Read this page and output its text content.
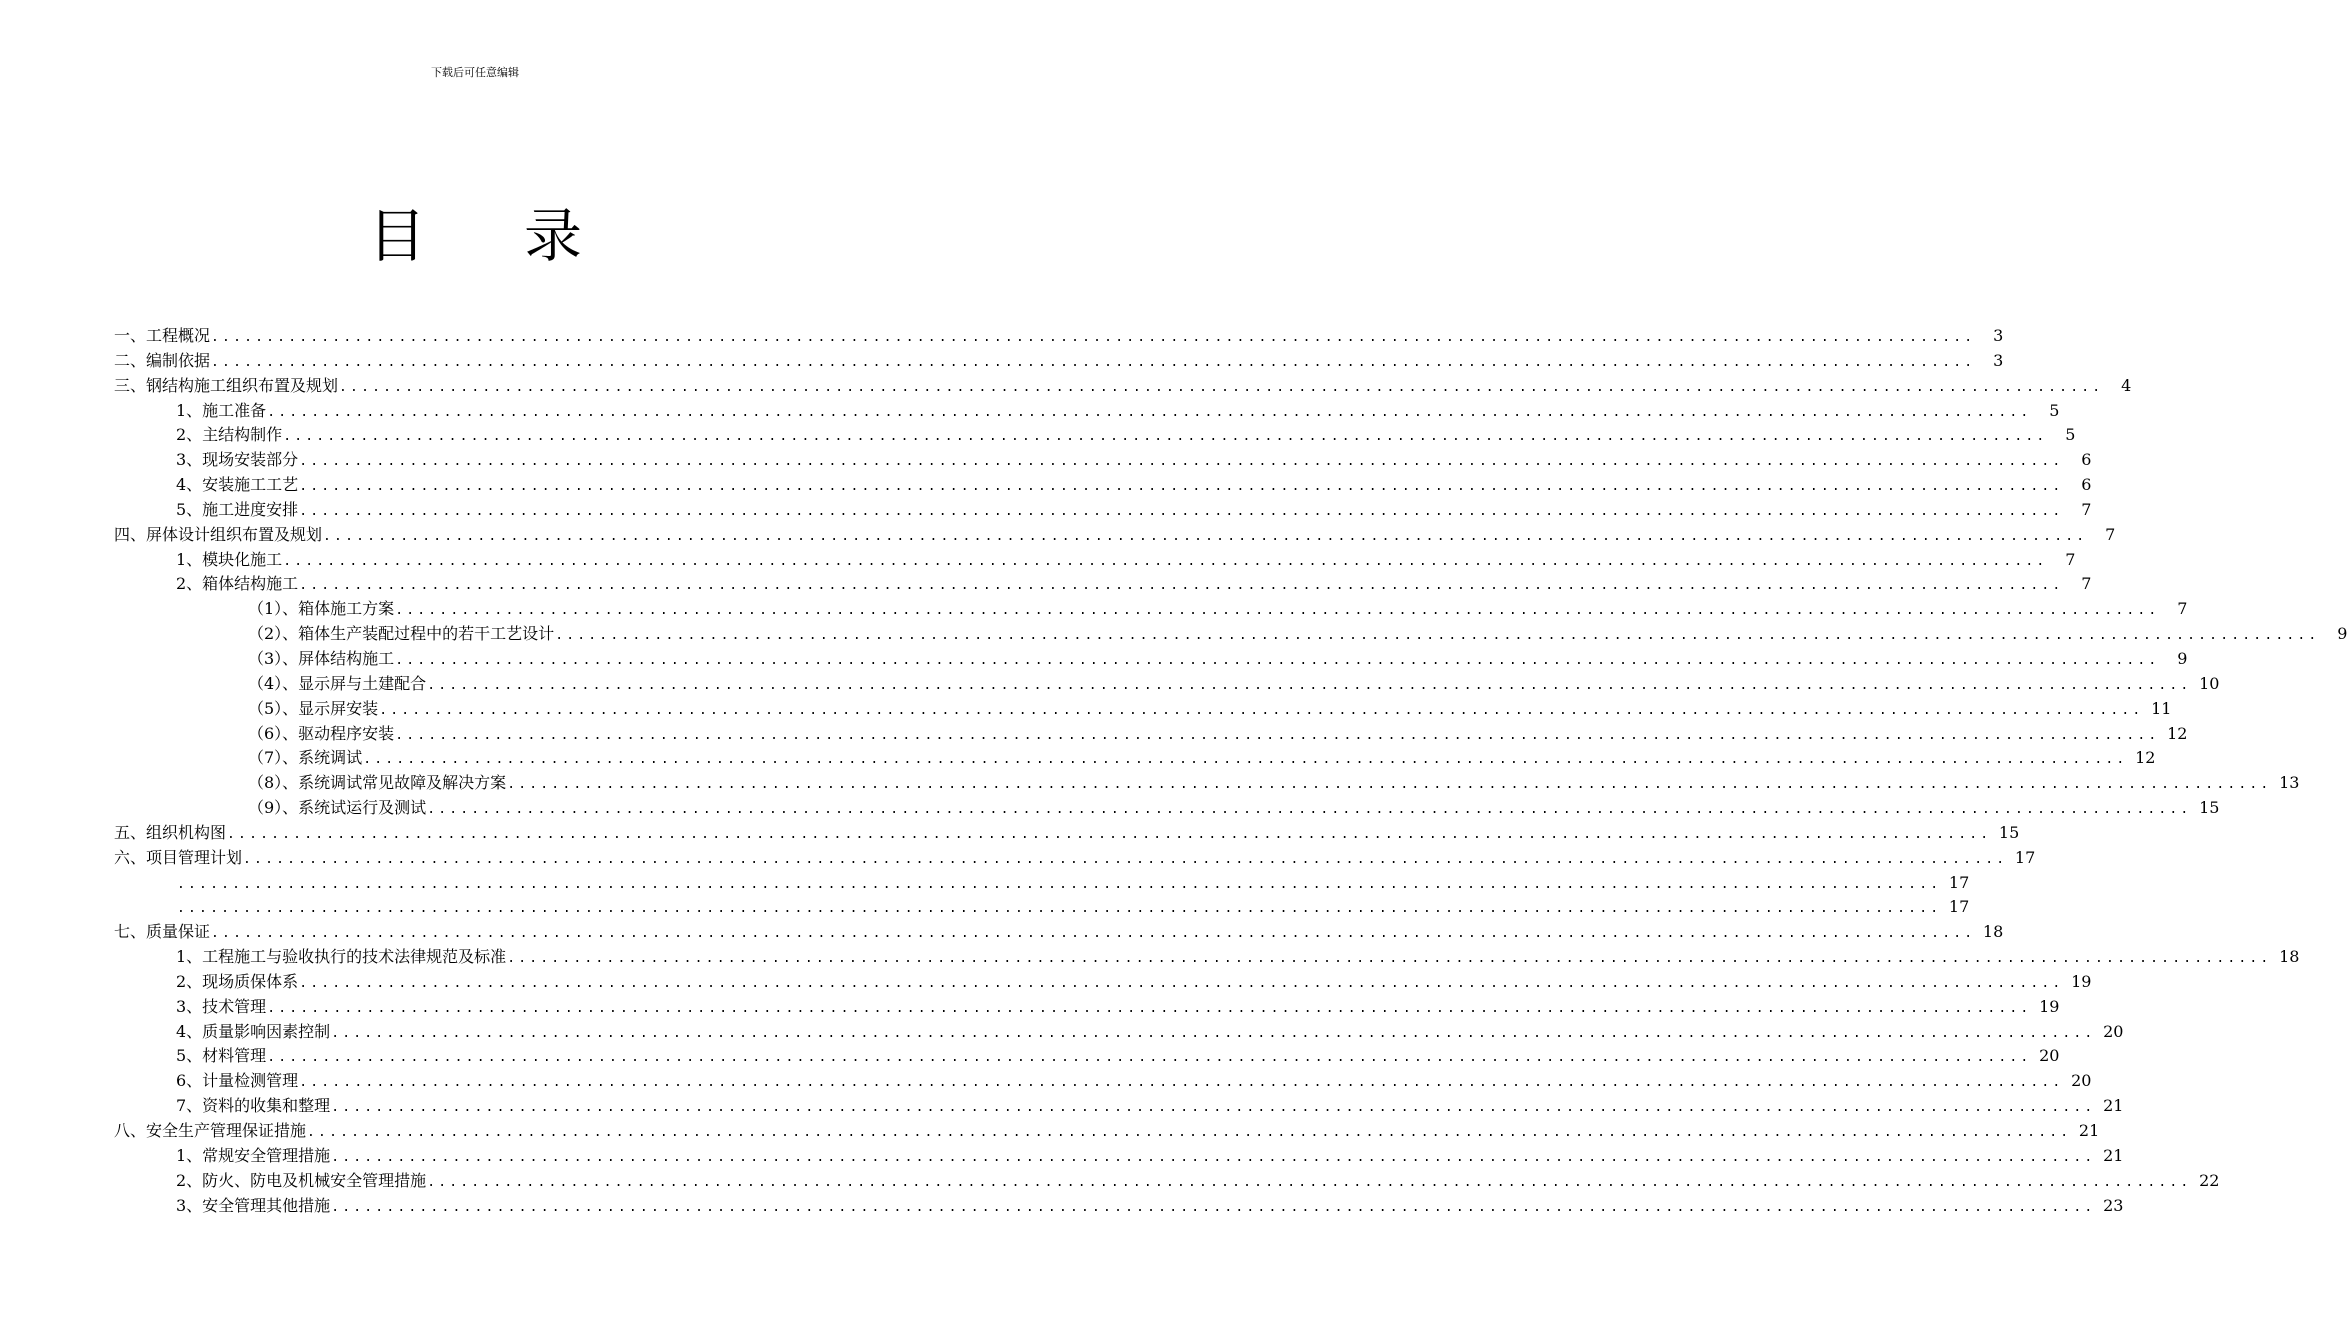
下载后可任意编辑
目 录
一、工程概况 ................................................................................................................................................................	3
二、编制依据 ................................................................................................................................................................	3
三、钢结构施工组织布置及规划 ................................................................................................................................................................	4
1、施工准备 ................................................................................................................................................................	5
2、主结构制作 ................................................................................................................................................................	5
3、现场安装部分 ................................................................................................................................................................	6
4、安装施工工艺 ................................................................................................................................................................	6
5、施工进度安排 ................................................................................................................................................................	7
四、屏体设计组织布置及规划 ................................................................................................................................................................	7
1、模块化施工 ................................................................................................................................................................	7
2、箱体结构施工 ................................................................................................................................................................	7
（1）、箱体施工方案 ................................................................................................................................................................	7
（2）、箱体生产装配过程中的若干工艺设计 ................................................................................................................................................................	9
（3）、屏体结构施工 ................................................................................................................................................................	9
（4）、显示屏与土建配合 ................................................................................................................................................................ 10
（5）、显示屏安装 ................................................................................................................................................................ 11
（6）、驱动程序安装 ................................................................................................................................................................ 12
（7）、系统调试 ................................................................................................................................................................ 12
（8）、系统调试常见故障及解决方案 ................................................................................................................................................................ 13
（9）、系统试运行及测试 ................................................................................................................................................................ 15
五、组织机构图 ................................................................................................................................................................ 15
六、项目管理计划 ................................................................................................................................................................ 17
................................................................................................................................................................ 17
................................................................................................................................................................ 17
七、质量保证 ................................................................................................................................................................ 18
1、工程施工与验收执行的技术法律规范及标准 ................................................................................................................................................................ 18
2、现场质保体系 ................................................................................................................................................................ 19
3、技术管理 ................................................................................................................................................................ 19
4、质量影响因素控制 ................................................................................................................................................................ 20
5、材料管理 ................................................................................................................................................................ 20
6、计量检测管理 ................................................................................................................................................................ 20
7、资料的收集和整理 ................................................................................................................................................................ 21
八、安全生产管理保证措施 ................................................................................................................................................................ 21
1、常规安全管理措施 ................................................................................................................................................................ 21
2、防火、防电及机械安全管理措施 ................................................................................................................................................................ 22
3、安全管理其他措施 ................................................................................................................................................................ 23
